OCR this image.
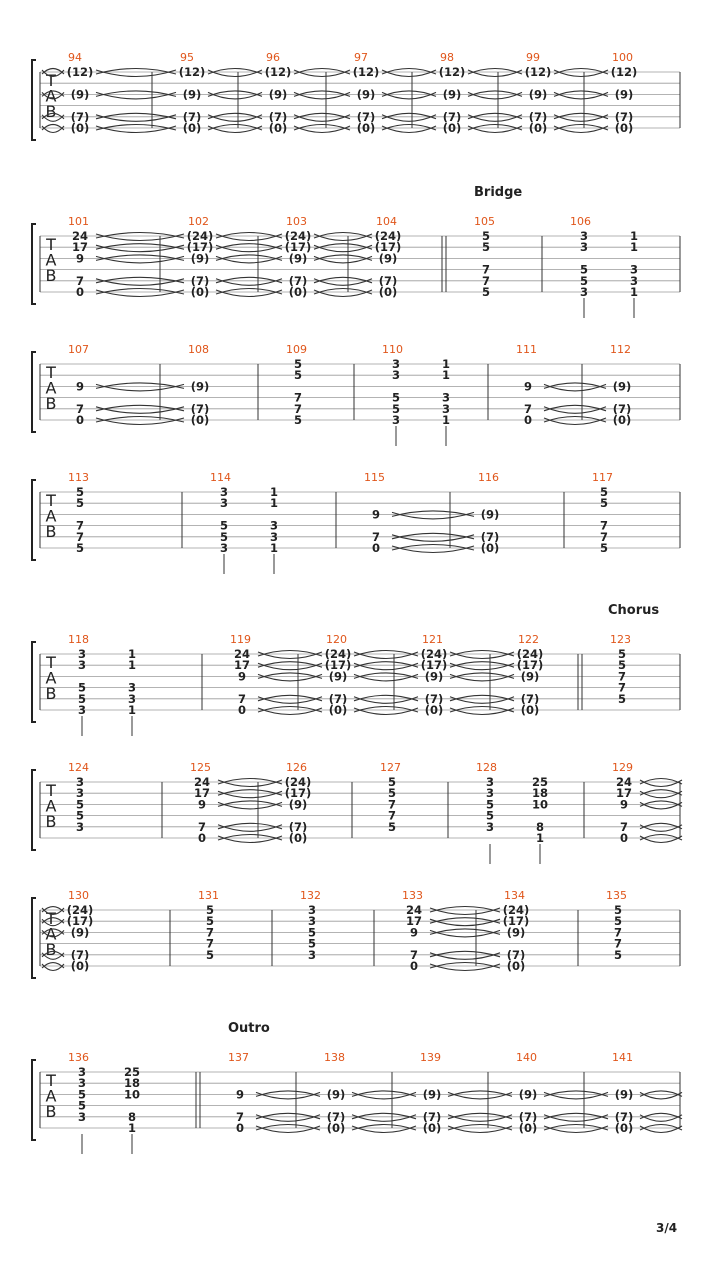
T
A
B
94
(12)
(9)
(7)
(0)
95
(12)
(9)
(7)
(0)
96
(12)
(9)
(7)
(0)
97
(12)
(9)
(7)
(0)
98
(12)
(9)
(7)
(0)
99
(12)
(9)
(7)
(0)
100
(12)
(9)
(7)
(0)
Bridge
T
A
B
101
24
17
9
7
0
102
(24)
(17)
(9)
(7)
(0)
103
(24)
(17)
(9)
(7)
(0)
104
(24)
(17)
(9)
(7)
(0)
105
5
5
7
7
5
106
3
3
5
5
3
1
1
3
3
1
T
A
B
107
9
7
0
108
(9)
(7)
(0)
109
5
5
7
7
5
110
3
3
5
5
3
1
1
3
3
1
111
9
7
0
112
(9)
(7)
(0)
T
A
B
113
5
5
7
7
5
114
3
3
5
5
3
1
1
3
3
1
115
9
7
0
116
(9)
(7)
(0)
117
5
5
7
7
5
Chorus
T
A
B
118
3
3
5
5
3
1
1
3
3
1
119
24
17
9
7
0
120
(24)
(17)
(9)
(7)
(0)
121
(24)
(17)
(9)
(7)
(0)
122
(24)
(17)
(9)
(7)
(0)
123
5
5
7
7
5
T
A
B
124
3
3
5
5
3
125
24
17
9
7
0
126
(24)
(17)
(9)
(7)
(0)
127
5
5
7
7
5
128
3
3
5
5
3
25
18
10
8
1
129
24
17
9
7
0
T
A
B
130
(24)
(17)
(9)
(7)
(0)
131
5
5
7
7
5
132
3
3
5
5
3
133
24
17
9
7
0
134
(24)
(17)
(9)
(7)
(0)
135
5
5
7
7
5
Outro
T
A
B
136
3
3
5
5
3
25
18
10
8
1
137
9
7
0
138
(9)
(7)
(0)
139
(9)
(7)
(0)
140
(9)
(7)
(0)
141
(9)
(7)
(0)
3/4
